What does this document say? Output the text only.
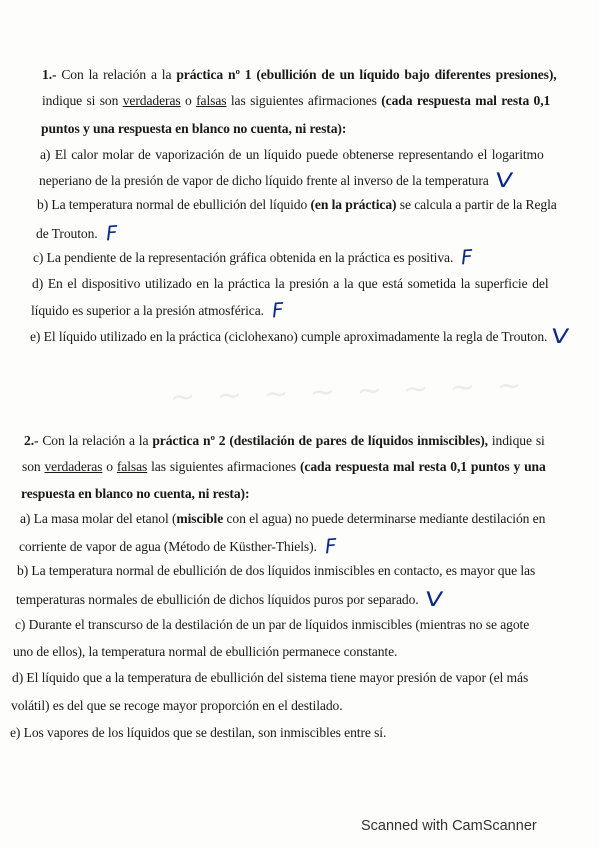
~ ~ ~ ~ ~ ~ ~ ~
1.- Con la relación a la práctica nº 1 (ebullición de un líquido bajo diferentes presiones),
indique si son verdaderas o falsas las siguientes afirmaciones (cada respuesta mal resta 0,1
puntos y una respuesta en blanco no cuenta, ni resta):
a) El calor molar de vaporización de un líquido puede obtenerse representando el logaritmo
neperiano de la presión de vapor de dicho líquido frente al inverso de la temperatura V
b) La temperatura normal de ebullición del líquido (en la práctica) se calcula a partir de la Regla
de Trouton. F
c) La pendiente de la representación gráfica obtenida en la práctica es positiva. F
d) En el dispositivo utilizado en la práctica la presión a la que está sometida la superficie del
líquido es superior a la presión atmosférica. F
e) El líquido utilizado en la práctica (ciclohexano) cumple aproximadamente la regla de Trouton. V
2.- Con la relación a la práctica nº 2 (destilación de pares de líquidos inmiscibles), indique si
son verdaderas o falsas las siguientes afirmaciones (cada respuesta mal resta 0,1 puntos y una
respuesta en blanco no cuenta, ni resta):
a) La masa molar del etanol (miscible con el agua) no puede determinarse mediante destilación en
corriente de vapor de agua (Método de Küsther-Thiels). F
b) La temperatura normal de ebullición de dos líquidos inmiscibles en contacto, es mayor que las
temperaturas normales de ebullición de dichos líquidos puros por separado. V
c) Durante el transcurso de la destilación de un par de líquidos inmiscibles (mientras no se agote
uno de ellos), la temperatura normal de ebullición permanece constante.
d) El líquido que a la temperatura de ebullición del sistema tiene mayor presión de vapor (el más
volátil) es del que se recoge mayor proporción en el destilado.
e) Los vapores de los líquidos que se destilan, son inmiscibles entre sí.
Scanned with CamScanner
